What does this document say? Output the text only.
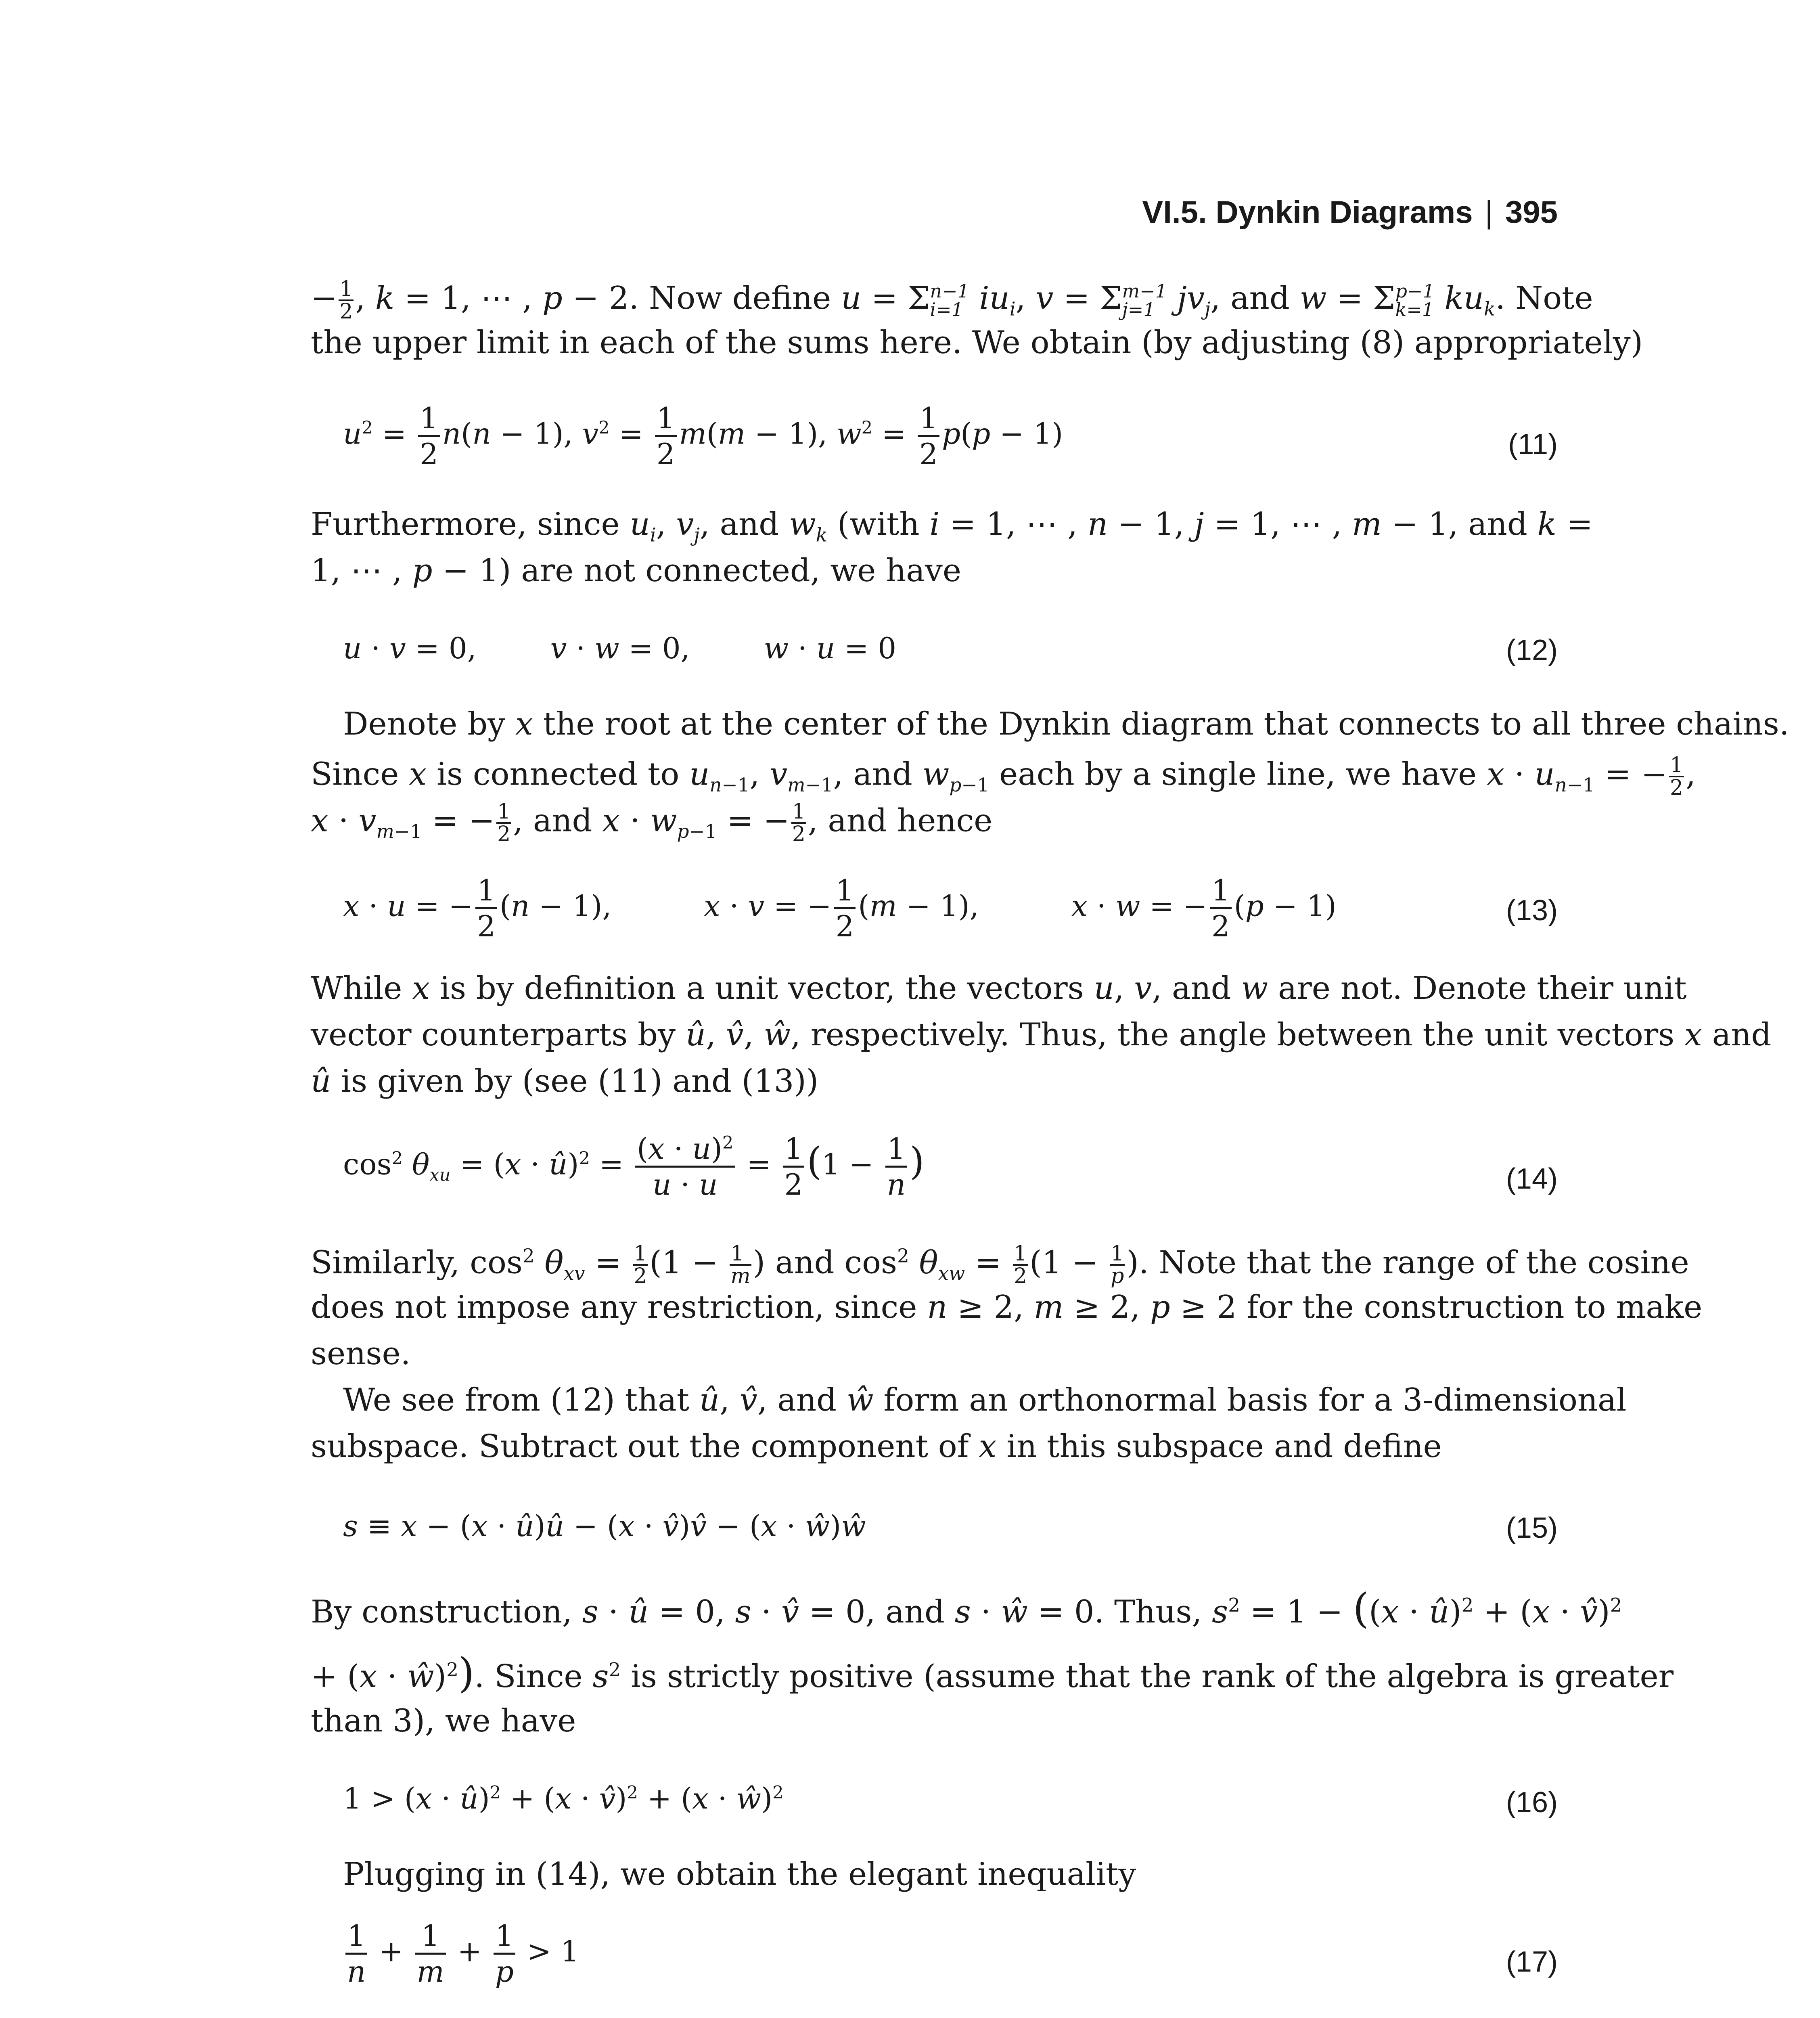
VI.5. Dynkin Diagrams | 395
− $\frac{1}{2}$ , k = 1, ⋯ , p − 2. Now define u = Σn−1
i=1 $iu_i$, v = Σm−1
j=1 $jv_j$, and w = Σp−1
k=1 $ku_k$. Note
the upper limit in each of the sums here. We obtain (by adjusting (8) appropriately)
$u^2 = \frac{1}{2} n(n - 1)$, $v^2 = \frac{1}{2} m(m - 1)$, $w^2 = \frac{1}{2} p(p - 1)$	(11)
Furthermore, since $u_i$, $v_j$, and $w_k$ (with i = 1, ⋯ , n − 1, j = 1, ⋯ , m − 1, and k =
1, ⋯ , p − 1) are not connected, we have
u · v = 0,        v · w = 0,        w · u = 0	(12)
Denote by x the root at the center of the Dynkin diagram that connects to all three chains.
Since x is connected to $u_{n-1}$, $v_{m-1}$, and $w_{p-1}$ each by a single line, we have $x \cdot u_{n-1}$ = − $\frac{1}{2}$ ,
$x \cdot v_{m-1}$ = − $\frac{1}{2}$ , and $x \cdot w_{p-1}$ = − $\frac{1}{2}$ , and hence
x · u = − $\frac{1}{2} (n - 1)$,          x · v = − $\frac{1}{2} (m - 1)$,          x · w = − $\frac{1}{2} (p - 1)$	(13)
While x is by definition a unit vector, the vectors u, v, and w are not. Denote their unit
vector counterparts by û, v̂, ŵ, respectively. Thus, the angle between the unit vectors x and
û is given by (see (11) and (13))
$\cos^2 \theta_{xu} = (x$ · û)$^2$ = $\frac{(x \cdot u)^2}{u \cdot u} = \frac{1}{2} (1 - \frac{1}{n}$ )	(14)
Similarly, $\cos^2 \theta_{xv} = \frac{1}{2} (1 - \frac{1}{m}$ ) and $\cos^2 \theta_{xw} = \frac{1}{2} (1 - \frac{1}{p}$ ). Note that the range of the cosine
does not impose any restriction, since n ≥ 2, m ≥ 2, p ≥ 2 for the construction to make
sense.
We see from (12) that û, v̂, and ŵ form an orthonormal basis for a 3-dimensional
subspace. Subtract out the component of x in this subspace and define
s ≡ x − (x · û)û − (x · v̂)v̂ − (x · ŵ)ŵ	(15)
By construction, s · û = 0, s · v̂ = 0, and s · ŵ = 0. Thus, $s^2 = 1 - ((x$ · û)$^2$ + (x · v̂)$^2$
+ (x · ŵ)$^2$). Since $s^2$ is strictly positive (assume that the rank of the algebra is greater
than 3), we have
1 > (x · û)$^2$ + (x · v̂)$^2$ + (x · ŵ)$^2$	(16)
Plugging in (14), we obtain the elegant inequality
$\frac{1}{n} + \frac{1}{m} + \frac{1}{p} > 1$	(17)
